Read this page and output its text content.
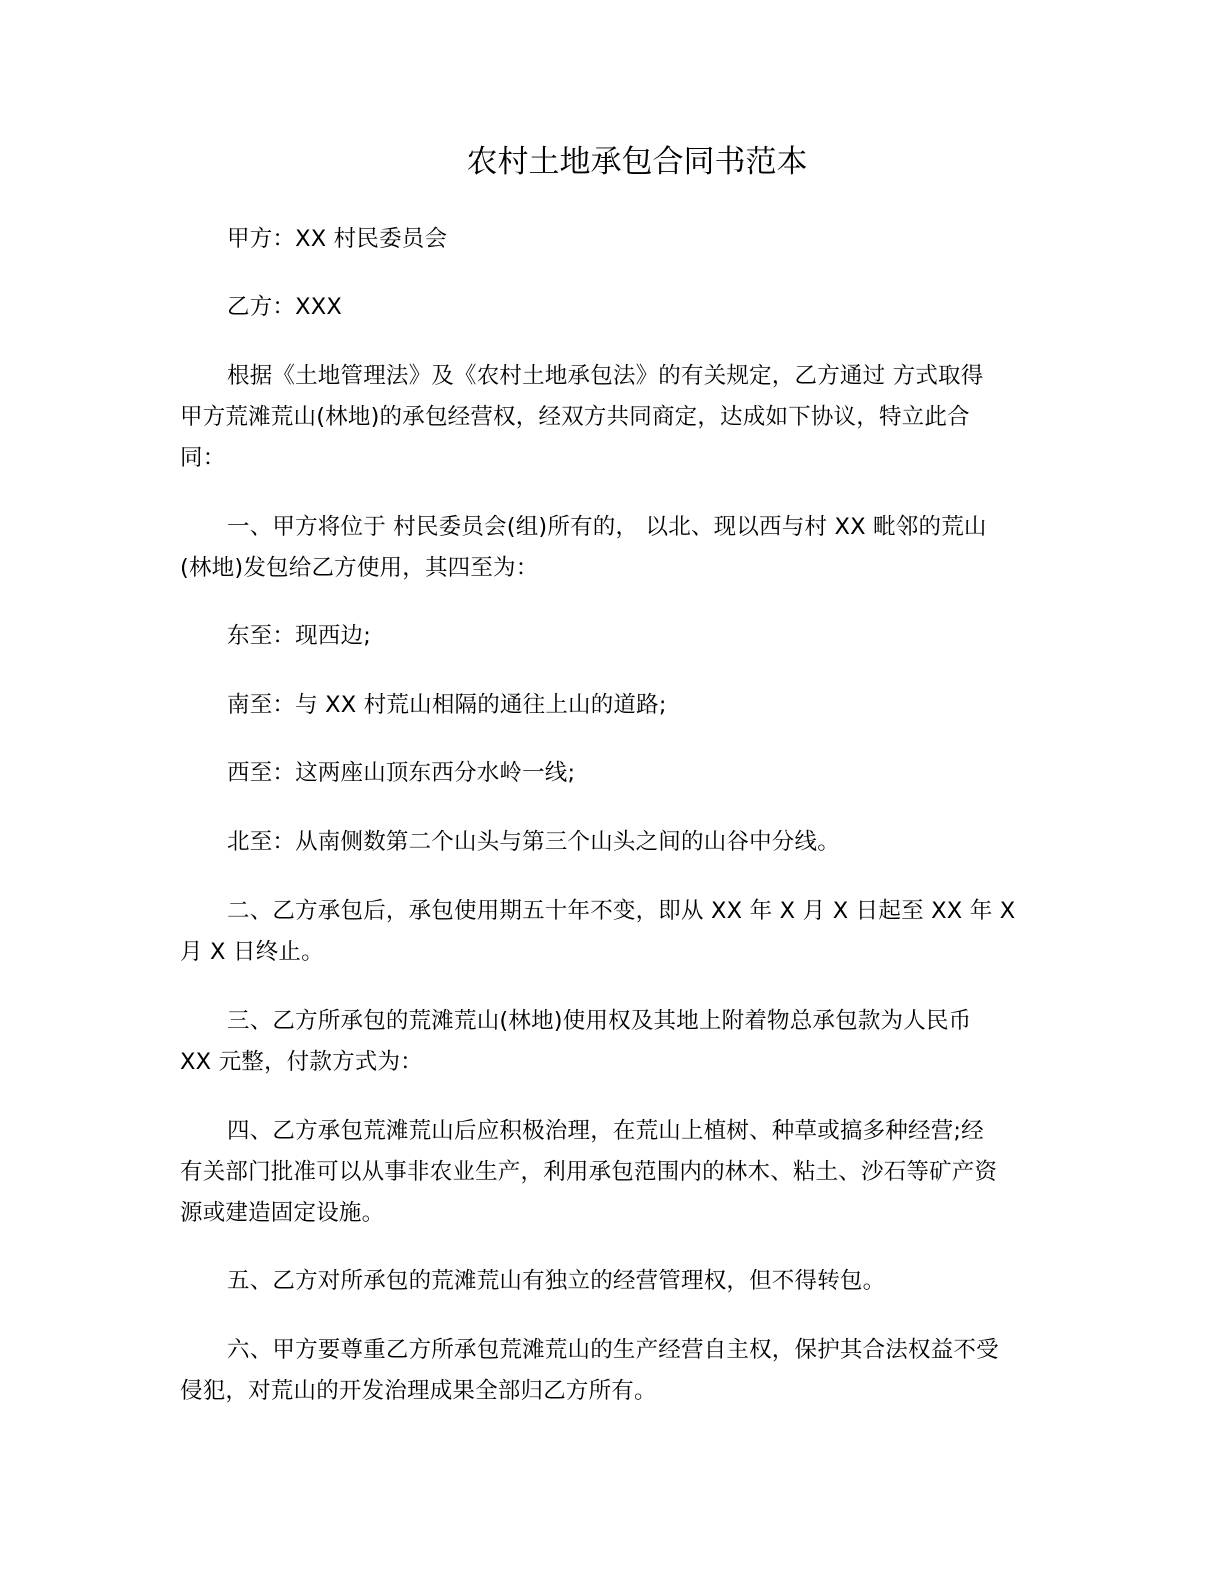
农村土地承包合同书范本

甲方：XX 村民委员会

乙方：XXX

根据《土地管理法》及《农村土地承包法》的有关规定，乙方通过 方式取得
甲方荒滩荒山(林地)的承包经营权，经双方共同商定，达成如下协议，特立此合
同：

一、甲方将位于 村民委员会(组)所有的， 以北、现以西与村 XX 毗邻的荒山
(林地)发包给乙方使用，其四至为：

东至：现西边;

南至：与 XX 村荒山相隔的通往上山的道路;

西至：这两座山顶东西分水岭一线;

北至：从南侧数第二个山头与第三个山头之间的山谷中分线。

二、乙方承包后，承包使用期五十年不变，即从 XX 年 X 月 X 日起至 XX 年 X
月 X 日终止。

三、乙方所承包的荒滩荒山(林地)使用权及其地上附着物总承包款为人民币
XX 元整，付款方式为：

四、乙方承包荒滩荒山后应积极治理，在荒山上植树、种草或搞多种经营;经
有关部门批准可以从事非农业生产，利用承包范围内的林木、粘土、沙石等矿产资
源或建造固定设施。

五、乙方对所承包的荒滩荒山有独立的经营管理权，但不得转包。

六、甲方要尊重乙方所承包荒滩荒山的生产经营自主权，保护其合法权益不受
侵犯，对荒山的开发治理成果全部归乙方所有。
